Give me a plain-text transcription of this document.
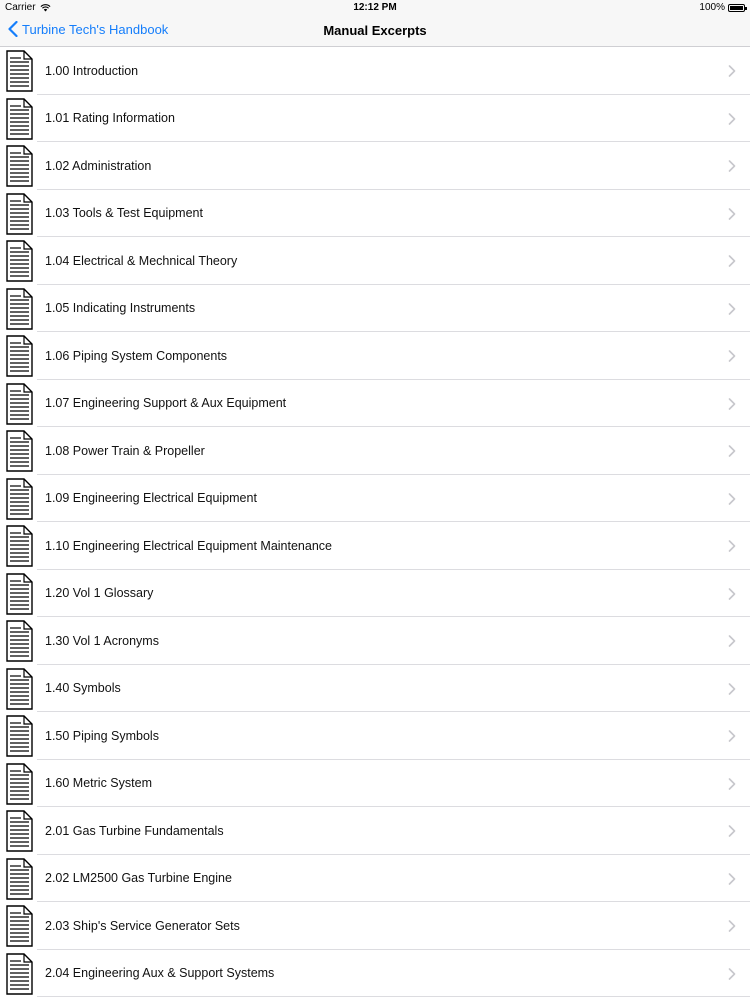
Carrier	12:12 PM	100%
Turbine Tech's Handbook	Manual Excerpts
1.00 Introduction
1.01 Rating Information
1.02 Administration
1.03 Tools & Test Equipment
1.04 Electrical & Mechnical Theory
1.05 Indicating Instruments
1.06 Piping System Components
1.07 Engineering Support & Aux Equipment
1.08 Power Train & Propeller
1.09 Engineering Electrical Equipment
1.10 Engineering Electrical Equipment Maintenance
1.20 Vol 1 Glossary
1.30 Vol 1 Acronyms
1.40 Symbols
1.50 Piping Symbols
1.60 Metric System
2.01 Gas Turbine Fundamentals
2.02 LM2500 Gas Turbine Engine
2.03 Ship's Service Generator Sets
2.04 Engineering Aux & Support Systems
